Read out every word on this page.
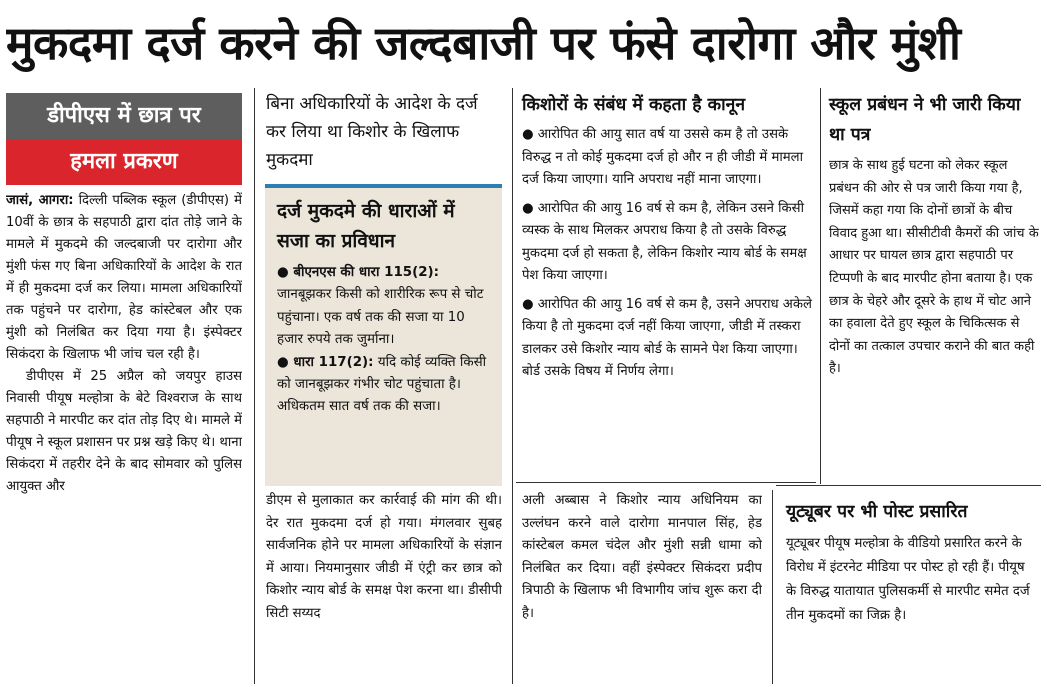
मुकदमा दर्ज करने की जल्दबाजी पर फंसे दारोगा और मुंशी
डीपीएस में छात्र पर
हमला प्रकरण

जासं, आगरा: दिल्ली पब्लिक स्कूल (डीपीएस) में 10वीं के छात्र के सहपाठी द्वारा दांत तोड़े जाने के मामले में मुकदमे की जल्दबाजी पर दारोगा और मुंशी फंस गए बिना अधिकारियों के आदेश के रात में ही मुकदमा दर्ज कर लिया। मामला अधिकारियों तक पहुंचने पर दारोगा, हेड कांस्टेबल और एक मुंशी को निलंबित कर दिया गया है। इंस्पेक्टर सिकंदरा के खिलाफ भी जांच चल रही है।

डीपीएस में 25 अप्रैल को जयपुर हाउस निवासी पीयूष मल्होत्रा के बेटे विश्वराज के साथ सहपाठी ने मारपीट कर दांत तोड़ दिए थे। मामले में पीयूष ने स्कूल प्रशासन पर प्रश्न खड़े किए थे। थाना सिकंदरा में तहरीर देने के बाद सोमवार को पुलिस आयुक्त और

बिना अधिकारियों के आदेश के दर्ज कर लिया था किशोर के खिलाफ मुकदमा
दर्ज मुकदमे की धाराओं में सजा का प्रविधान

● बीएनएस की धारा 115(2): जानबूझकर किसी को शारीरिक रूप से चोट पहुंचाना। एक वर्ष तक की सजा या 10 हजार रुपये तक जुर्माना।

● धारा 117(2): यदि कोई व्यक्ति किसी को जानबूझकर गंभीर चोट पहुंचाता है। अधिकतम सात वर्ष तक की सजा।

डीएम से मुलाकात कर कार्रवाई की मांग की थी। देर रात मुकदमा दर्ज हो गया। मंगलवार सुबह सार्वजनिक होने पर मामला अधिकारियों के संज्ञान में आया। नियमानुसार जीडी में एंट्री कर छात्र को किशोर न्याय बोर्ड के समक्ष पेश करना था। डीसीपी सिटी सय्यद
किशोरों के संबंध में कहता है कानून

● आरोपित की आयु सात वर्ष या उससे कम है तो उसके विरुद्ध न तो कोई मुकदमा दर्ज हो और न ही जीडी में मामला दर्ज किया जाएगा। यानि अपराध नहीं माना जाएगा।

● आरोपित की आयु 16 वर्ष से कम है, लेकिन उसने किसी व्यस्क के साथ मिलकर अपराध किया है तो उसके विरुद्ध मुकदमा दर्ज हो सकता है, लेकिन किशोर न्याय बोर्ड के समक्ष पेश किया जाएगा।

● आरोपित की आयु 16 वर्ष से कम है, उसने अपराध अकेले किया है तो मुकदमा दर्ज नहीं किया जाएगा, जीडी में तस्करा डालकर उसे किशोर न्याय बोर्ड के सामने पेश किया जाएगा। बोर्ड उसके विषय में निर्णय लेगा।

अली अब्बास ने किशोर न्याय अधिनियम का उल्लंघन करने वाले दारोगा मानपाल सिंह, हेड कांस्टेबल कमल चंदेल और मुंशी सन्नी धामा को निलंबित कर दिया। वहीं इंस्पेक्टर सिकंदरा प्रदीप त्रिपाठी के खिलाफ भी विभागीय जांच शुरू करा दी है।
स्कूल प्रबंधन ने भी जारी किया था पत्र
छात्र के साथ हुई घटना को लेकर स्कूल प्रबंधन की ओर से पत्र जारी किया गया है, जिसमें कहा गया कि दोनों छात्रों के बीच विवाद हुआ था। सीसीटीवी कैमरों की जांच के आधार पर घायल छात्र द्वारा सहपाठी पर टिप्पणी के बाद मारपीट होना बताया है। एक छात्र के चेहरे और दूसरे के हाथ में चोट आने का हवाला देते हुए स्कूल के चिकित्सक से दोनों का तत्काल उपचार कराने की बात कही है।
यूट्यूबर पर भी पोस्ट प्रसारित
यूट्यूबर पीयूष मल्होत्रा के वीडियो प्रसारित करने के विरोध में इंटरनेट मीडिया पर पोस्ट हो रही हैं। पीयूष के विरुद्ध यातायात पुलिसकर्मी से मारपीट समेत दर्ज तीन मुकदमों का जिक्र है।
